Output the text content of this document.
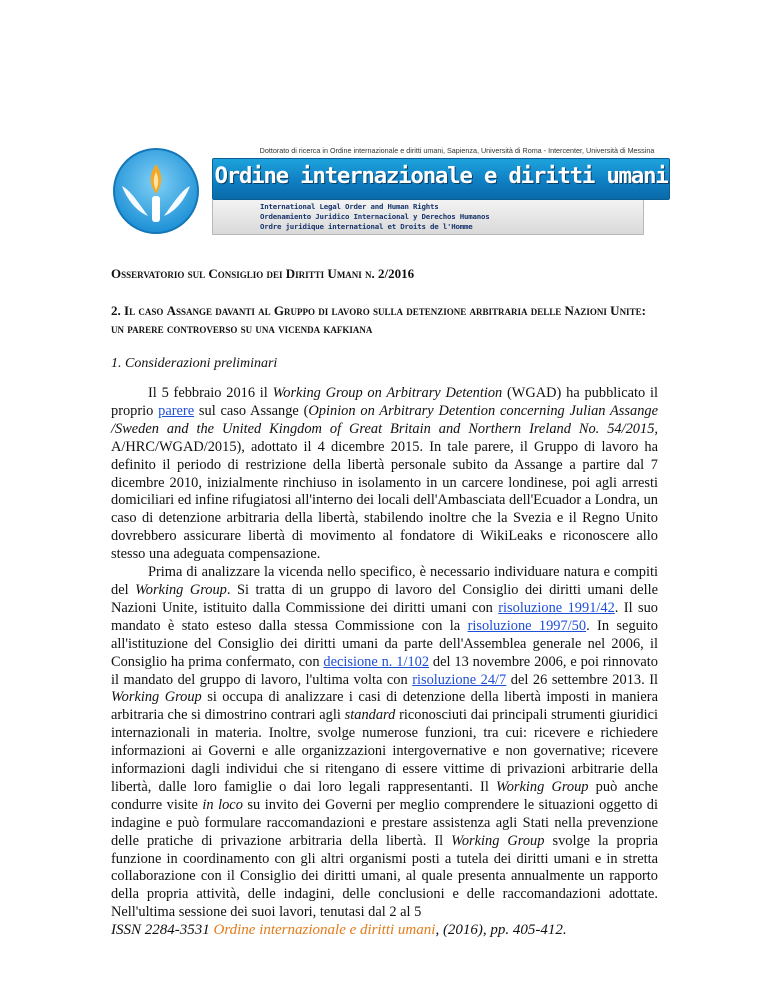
Dottorato di ricerca in Ordine internazionale e diritti umani, Sapienza, Università di Roma - Intercenter, Università di Messina
Ordine internazionale e diritti umani
International Legal Order and Human Rights
Ordenamiento Juridico Internacional y Derechos Humanos
Ordre juridique international et Droits de l'Homme
Osservatorio sul Consiglio dei Diritti Umani n. 2/2016
2. Il caso Assange davanti al Gruppo di lavoro sulla detenzione arbitraria delle Nazioni Unite: un parere controverso su una vicenda kafkiana
1. Considerazioni preliminari

Il 5 febbraio 2016 il Working Group on Arbitrary Detention (WGAD) ha pubblicato il proprio parere sul caso Assange (Opinion on Arbitrary Detention concerning Julian Assange /Sweden and the United Kingdom of Great Britain and Northern Ireland No. 54/2015, A/HRC/WGAD/2015), adottato il 4 dicembre 2015. In tale parere, il Gruppo di lavoro ha definito il periodo di restrizione della libertà personale subito da Assange a partire dal 7 dicembre 2010, inizialmente rinchiuso in isolamento in un carcere londinese, poi agli arresti domiciliari ed infine rifugiatosi all'interno dei locali dell'Ambasciata dell'Ecuador a Londra, un caso di detenzione arbitraria della libertà, stabilendo inoltre che la Svezia e il Regno Unito dovrebbero assicurare libertà di movimento al fondatore di WikiLeaks e riconoscere allo stesso una adeguata compensazione.

Prima di analizzare la vicenda nello specifico, è necessario individuare natura e compiti del Working Group. Si tratta di un gruppo di lavoro del Consiglio dei diritti umani delle Nazioni Unite, istituito dalla Commissione dei diritti umani con risoluzione 1991/42. Il suo mandato è stato esteso dalla stessa Commissione con la risoluzione 1997/50. In seguito all'istituzione del Consiglio dei diritti umani da parte dell'Assemblea generale nel 2006, il Consiglio ha prima confermato, con decisione n. 1/102 del 13 novembre 2006, e poi rinnovato il mandato del gruppo di lavoro, l'ultima volta con risoluzione 24/7 del 26 settembre 2013. Il Working Group si occupa di analizzare i casi di detenzione della libertà imposti in maniera arbitraria che si dimostrino contrari agli standard riconosciuti dai principali strumenti giuridici internazionali in materia. Inoltre, svolge numerose funzioni, tra cui: ricevere e richiedere informazioni ai Governi e alle organizzazioni intergovernative e non governative; ricevere informazioni dagli individui che si ritengano di essere vittime di privazioni arbitrarie della libertà, dalle loro famiglie o dai loro legali rappresentanti. Il Working Group può anche condurre visite in loco su invito dei Governi per meglio comprendere le situazioni oggetto di indagine e può formulare raccomandazioni e prestare assistenza agli Stati nella prevenzione delle pratiche di privazione arbitraria della libertà. Il Working Group svolge la propria funzione in coordinamento con gli altri organismi posti a tutela dei diritti umani e in stretta collaborazione con il Consiglio dei diritti umani, al quale presenta annualmente un rapporto della propria attività, delle indagini, delle conclusioni e delle raccomandazioni adottate. Nell'ultima sessione dei suoi lavori, tenutasi dal 2 al 5

ISSN 2284-3531 Ordine internazionale e diritti umani, (2016), pp. 405-412.
